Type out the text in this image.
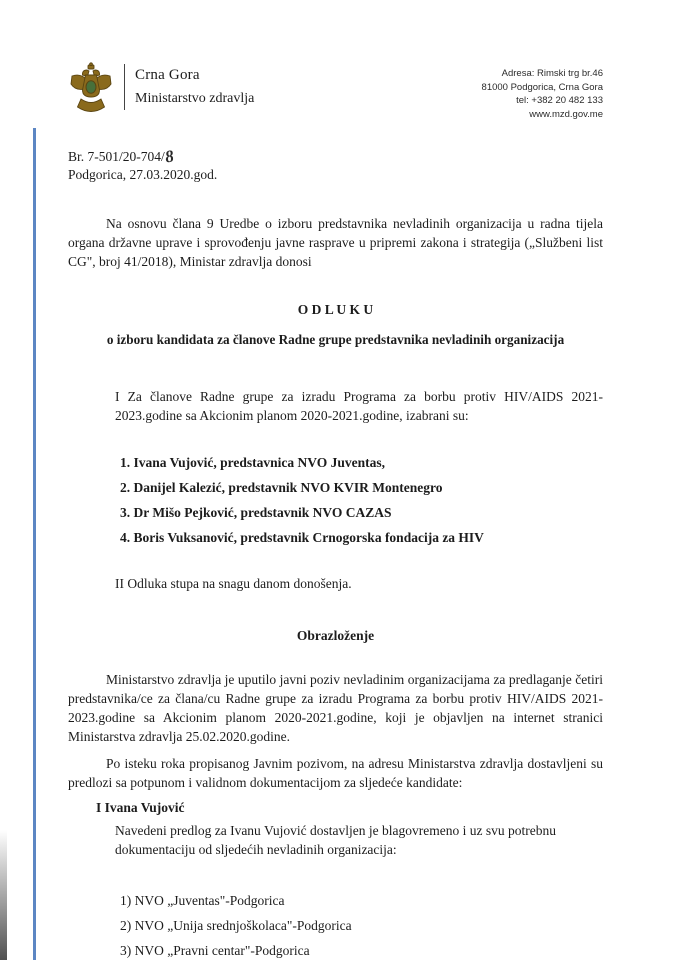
Crna Gora
Ministarstvo zdravlja
Adresa: Rimski trg br.46
81000 Podgorica, Crna Gora
tel: +382 20 482 133
www.mzd.gov.me
Br. 7-501/20-704/8
Podgorica, 27.03.2020.god.

Na osnovu člana 9 Uredbe o izboru predstavnika nevladinih organizacija u radna tijela organa državne uprave i sprovođenju javne rasprave u pripremi zakona i strategija („Službeni list CG", broj 41/2018), Ministar zdravlja donosi

O D L U K U
o izboru kandidata za članove Radne grupe predstavnika nevladinih organizacija

I Za članove Radne grupe za izradu Programa za borbu protiv HIV/AIDS 2021-2023.godine sa Akcionim planom 2020-2021.godine, izabrani su:

1. Ivana Vujović, predstavnica NVO Juventas,

2. Danijel Kalezić, predstavnik NVO KVIR Montenegro

3. Dr Mišo Pejković, predstavnik NVO CAZAS

4. Boris Vuksanović, predstavnik Crnogorska fondacija za HIV

II Odluka stupa na snagu danom donošenja.

Obrazloženje

Ministarstvo zdravlja je uputilo javni poziv nevladinim organizacijama za predlaganje četiri predstavnika/ce za člana/cu Radne grupe za izradu Programa za borbu protiv HIV/AIDS 2021-2023.godine sa Akcionim planom 2020-2021.godine, koji je objavljen na internet stranici Ministarstva zdravlja 25.02.2020.godine.

Po isteku roka propisanog Javnim pozivom, na adresu Ministarstva zdravlja dostavljeni su predlozi sa potpunom i validnom dokumentacijom za sljedeće kandidate:

I Ivana Vujović

Navedeni predlog za Ivanu Vujović dostavljen je blagovremeno i uz svu potrebnu dokumentaciju od sljedećih nevladinih organizacija:

1) NVO „Juventas"-Podgorica

2) NVO „Unija srednjoškolaca"-Podgorica

3) NVO „Pravni centar"-Podgorica
